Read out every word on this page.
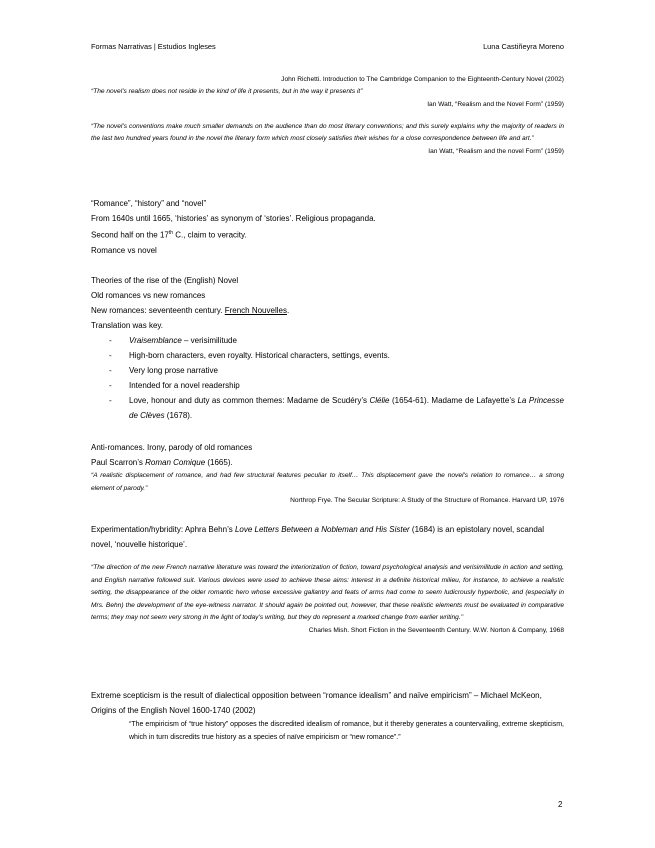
Formas Narrativas | Estudios Ingleses	Luna Castiñeyra Moreno

John Richetti. Introduction to The Cambridge Companion to the Eighteenth-Century Novel (2002)

“The novel’s realism does not reside in the kind of life it presents, but in the way it presents it”

Ian Watt, “Realism and the Novel Form” (1959)

“The novel’s conventions make much smaller demands on the audience than do most literary conventions; and this surely explains why the majority of readers in the last two hundred years found in the novel the literary form which most closely satisfies their wishes for a close correspondence between life and art.”

Ian Watt, “Realism and the novel Form” (1959)

“Romance”, “history” and “novel”

From 1640s until 1665, ‘histories’ as synonym of ‘stories’. Religious propaganda.

Second half on the 17th C., claim to veracity.

Romance vs novel

Theories of the rise of the (English) Novel

Old romances vs new romances

New romances: seventeenth century. French Nouvelles.

Translation was key.

- Vraisemblance – verisimilitude
- High-born characters, even royalty. Historical characters, settings, events.
- Very long prose narrative
- Intended for a novel readership
- Love, honour and duty as common themes: Madame de Scudéry’s Clélie (1654-61). Madame de Lafayette’s La Princesse de Clèves (1678).

Anti-romances. Irony, parody of old romances

Paul Scarron’s Roman Comique (1665).

“A realistic displacement of romance, and had few structural features peculiar to itself… This displacement gave the novel’s relation to romance… a strong element of parody.”

Northrop Frye. The Secular Scripture: A Study of the Structure of Romance. Harvard UP, 1976

Experimentation/hybridity: Aphra Behn’s Love Letters Between a Nobleman and His Sister (1684) is an epistolary novel, scandal novel, ‘nouvelle historique’.

“The direction of the new French narrative literature was toward the interiorization of fiction, toward psychological analysis and verisimilitude in action and setting, and English narrative followed suit. Various devices were used to achieve these aims: interest in a definite historical milieu, for instance, to achieve a realistic setting, the disappearance of the older romantic hero whose excessive gallantry and feats of arms had come to seem ludicrously hyperbolic, and (especially in Mrs. Behn) the development of the eye-witness narrator. It should again be pointed out, however, that these realistic elements must be evaluated in comparative terms; they may not seem very strong in the light of today’s writing, but they do represent a marked change from earlier writing.’’

Charles Mish. Short Fiction in the Seventeenth Century. W.W. Norton & Company, 1968

Extreme scepticism is the result of dialectical opposition between “romance idealism” and naïve empiricism” – Michael McKeon, Origins of the English Novel 1600-1740 (2002)

“The empiricism of “true history” opposes the discredited idealism of romance, but it thereby generates a countervailing, extreme skepticism, which in turn discredits true history as a species of naïve empiricism or “new romance”.”

2
